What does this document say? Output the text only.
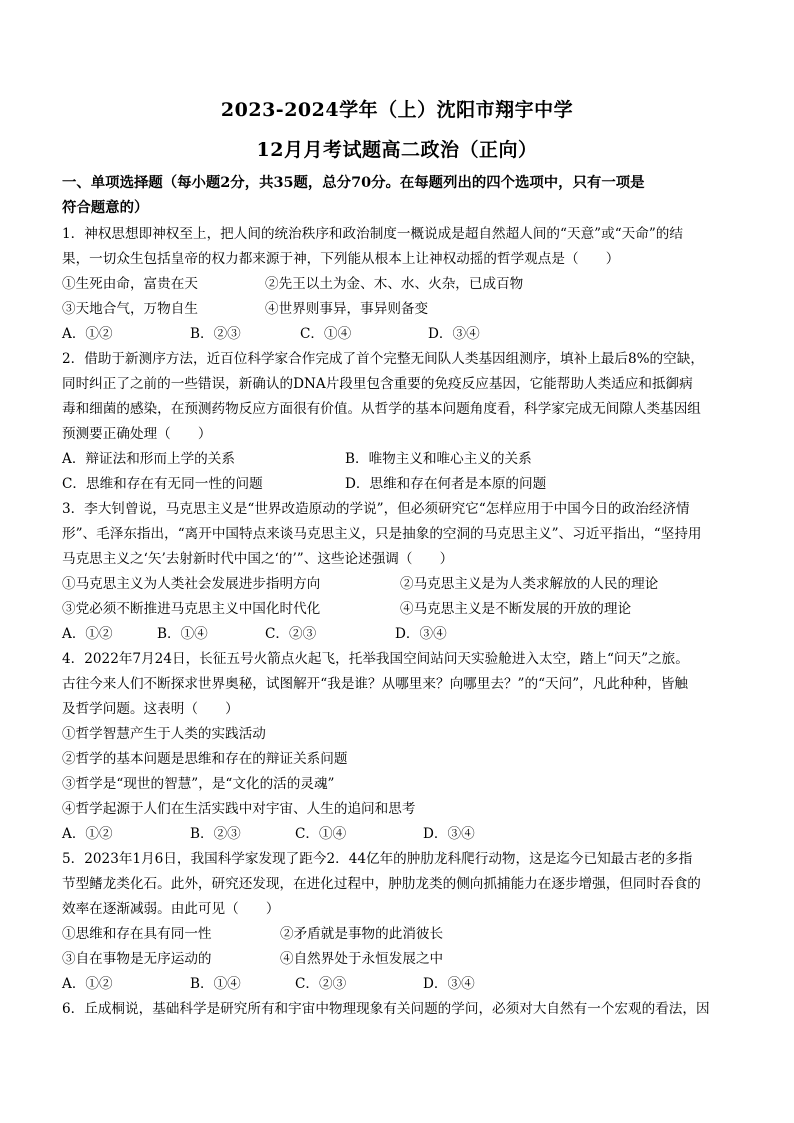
2023-2024学年（上）沈阳市翔宇中学
12月月考试题高二政治（正向）
一、单项选择题（每小题2分，共35题，总分70分。在每题列出的四个选项中，只有一项是
符合题意的）
1．神权思想即神权至上，把人间的统治秩序和政治制度一概说成是超自然超人间的“天意”或“天命”的结
果，一切众生包括皇帝的权力都来源于神，下列能从根本上让神权动摇的哲学观点是（　　）
①生死由命，富贵在天	②先王以土为金、木、水、火杂，已成百物
③天地合气，万物自生	④世界则事异，事异则备变
A．①②	B．②③	C．①④	D．③④
2．借助于新测序方法，近百位科学家合作完成了首个完整无间队人类基因组测序，填补上最后8%的空缺，
同时纠正了之前的一些错误，新确认的DNA片段里包含重要的免疫反应基因，它能帮助人类适应和抵御病
毒和细菌的感染，在预测药物反应方面很有价值。从哲学的基本问题角度看，科学家完成无间隙人类基因组
预测要正确处理（　　）
A．辩证法和形而上学的关系	B．唯物主义和唯心主义的关系
C．思维和存在有无同一性的问题	D．思维和存在何者是本原的问题
3．李大钊曾说，马克思主义是“世界改造原动的学说”，但必须研究它“怎样应用于中国今日的政治经济情
形”、毛泽东指出，“离开中国特点来谈马克思主义，只是抽象的空洞的马克思主义”、习近平指出，“坚持用
马克思主义之‘矢’去射新时代中国之‘的’”、这些论述强调（　　）
①马克思主义为人类社会发展进步指明方向	②马克思主义是为人类求解放的人民的理论
③党必须不断推进马克思主义中国化时代化	④马克思主义是不断发展的开放的理论
A．①②	B．①④	C．②③	D．③④
4．2022年7月24日，长征五号火箭点火起飞，托举我国空间站问天实验舱进入太空，踏上“问天”之旅。
古往今来人们不断探求世界奥秘，试图解开“我是谁？从哪里来？向哪里去？”的“天问”，凡此种种，皆触
及哲学问题。这表明（　　）
①哲学智慧产生于人类的实践活动
②哲学的基本问题是思维和存在的辩证关系问题
③哲学是“现世的智慧”，是“文化的活的灵魂”
④哲学起源于人们在生活实践中对宇宙、人生的追问和思考
A．①②	B．②③	C．①④	D．③④
5．2023年1月6日，我国科学家发现了距今2．44亿年的肿肋龙科爬行动物，这是迄今已知最古老的多指
节型鳍龙类化石。此外，研究还发现，在进化过程中，肿肋龙类的侧向抓捕能力在逐步增强，但同时吞食的
效率在逐渐减弱。由此可见（　　）
①思维和存在具有同一性	②矛盾就是事物的此消彼长
③自在事物是无序运动的	④自然界处于永恒发展之中
A．①②	B．①④	C．②③	D．③④
6．丘成桐说，基础科学是研究所有和宇宙中物理现象有关问题的学问，必须对大自然有一个宏观的看法，因
